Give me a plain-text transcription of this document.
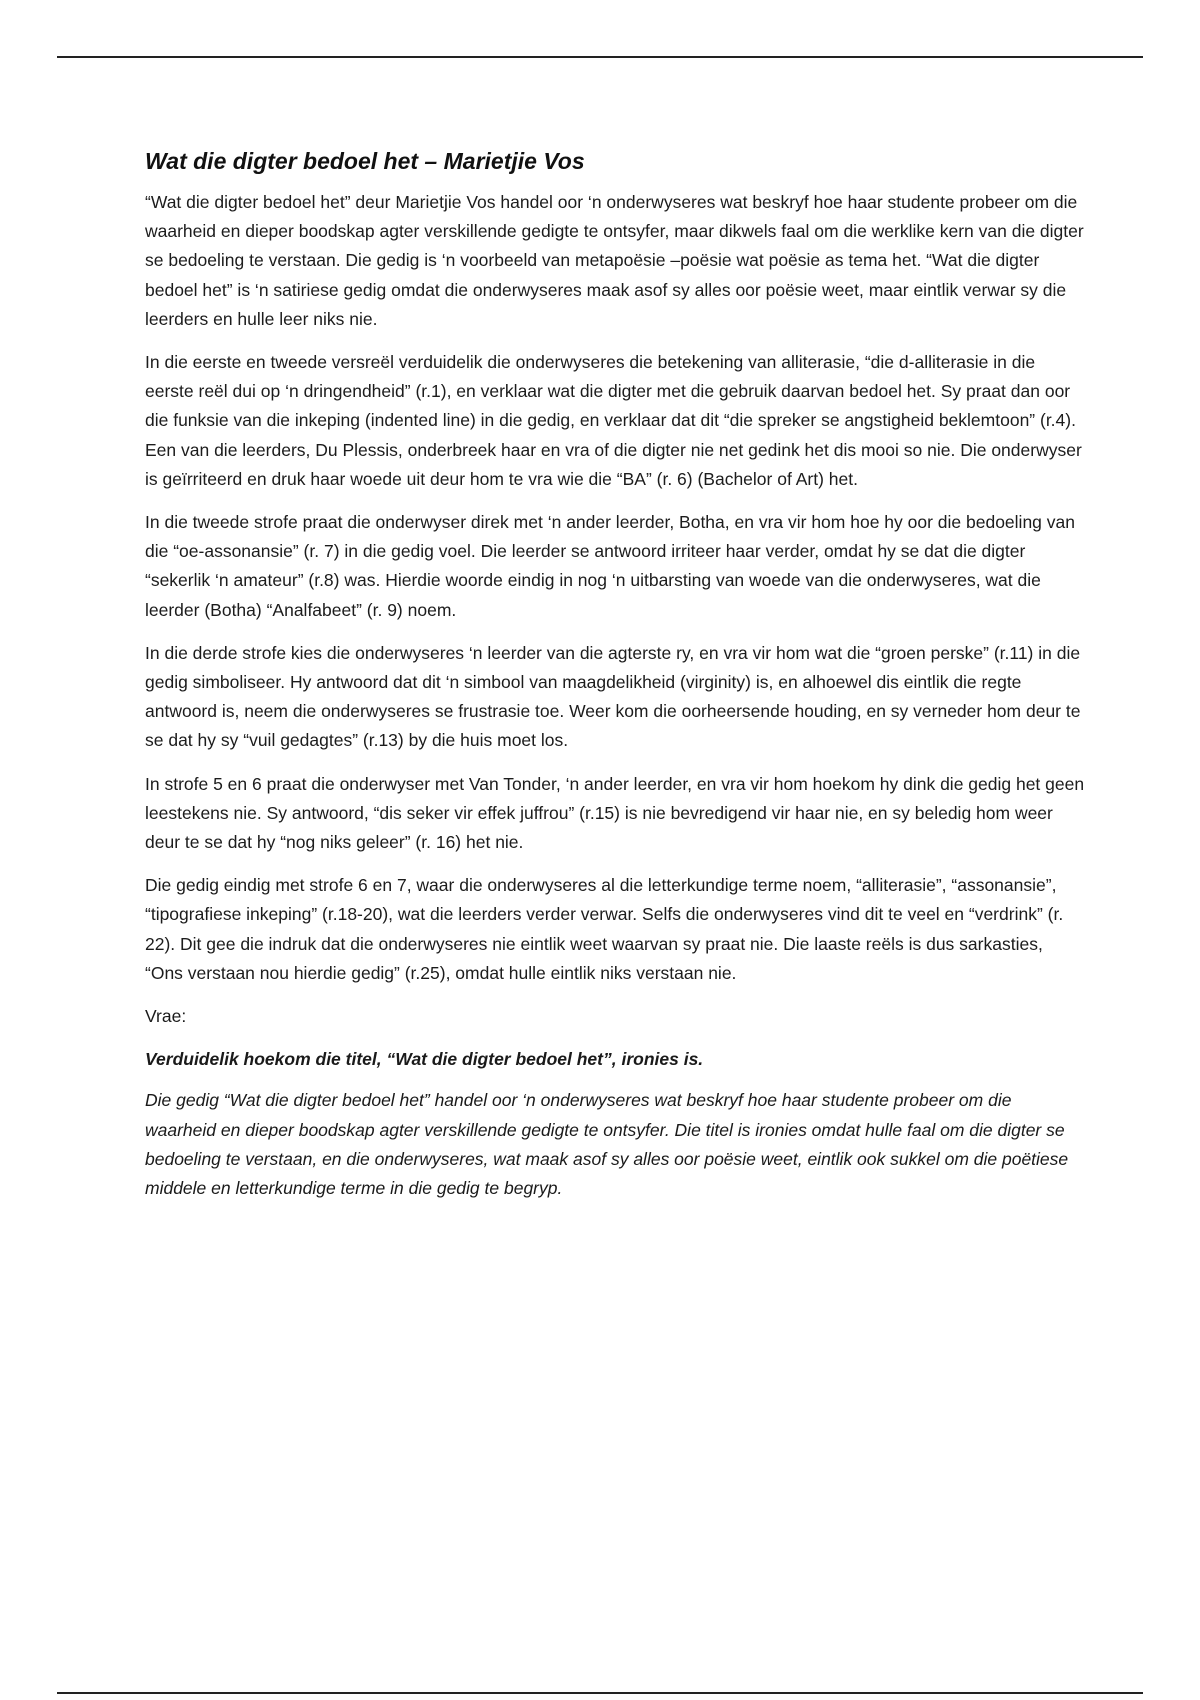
Wat die digter bedoel het – Marietjie Vos

“Wat die digter bedoel het” deur Marietjie Vos handel oor ‘n onderwyseres wat beskryf hoe haar studente probeer om die waarheid en dieper boodskap agter verskillende gedigte te ontsyfer, maar dikwels faal om die werklike kern van die digter se bedoeling te verstaan. Die gedig is ‘n voorbeeld van metapoësie –poësie wat poësie as tema het. “Wat die digter bedoel het” is ‘n satiriese gedig omdat die onderwyseres maak asof sy alles oor poësie weet, maar eintlik verwar sy die leerders en hulle leer niks nie.

In die eerste en tweede versreël verduidelik die onderwyseres die betekening van alliterasie, “die d-alliterasie in die eerste reël dui op ‘n dringendheid” (r.1), en verklaar wat die digter met die gebruik daarvan bedoel het. Sy praat dan oor die funksie van die inkeping (indented line) in die gedig, en verklaar dat dit “die spreker se angstigheid beklemtoon” (r.4). Een van die leerders, Du Plessis, onderbreek haar en vra of die digter nie net gedink het dis mooi so nie. Die onderwyser is geïrriteerd en druk haar woede uit deur hom te vra wie die “BA” (r. 6) (Bachelor of Art) het.

In die tweede strofe praat die onderwyser direk met ‘n ander leerder, Botha, en vra vir hom hoe hy oor die bedoeling van die “oe-assonansie” (r. 7) in die gedig voel. Die leerder se antwoord irriteer haar verder, omdat hy se dat die digter “sekerlik ‘n amateur” (r.8) was. Hierdie woorde eindig in nog ‘n uitbarsting van woede van die onderwyseres, wat die leerder (Botha) “Analfabeet” (r. 9) noem.

In die derde strofe kies die onderwyseres ‘n leerder van die agterste ry, en vra vir hom wat die “groen perske” (r.11) in die gedig simboliseer. Hy antwoord dat dit ‘n simbool van maagdelikheid (virginity) is, en alhoewel dis eintlik die regte antwoord is, neem die onderwyseres se frustrasie toe. Weer kom die oorheersende houding, en sy verneder hom deur te se dat hy sy “vuil gedagtes” (r.13) by die huis moet los.

In strofe 5 en 6 praat die onderwyser met Van Tonder, ‘n ander leerder, en vra vir hom hoekom hy dink die gedig het geen leestekens nie. Sy antwoord, “dis seker vir effek juffrou” (r.15) is nie bevredigend vir haar nie, en sy beledig hom weer deur te se dat hy “nog niks geleer” (r. 16) het nie.

Die gedig eindig met strofe 6 en 7, waar die onderwyseres al die letterkundige terme noem, “alliterasie”, “assonansie”, “tipografiese inkeping” (r.18-20), wat die leerders verder verwar. Selfs die onderwyseres vind dit te veel en “verdrink” (r. 22). Dit gee die indruk dat die onderwyseres nie eintlik weet waarvan sy praat nie. Die laaste reëls is dus sarkasties, “Ons verstaan nou hierdie gedig” (r.25), omdat hulle eintlik niks verstaan nie.

Vrae:

Verduidelik hoekom die titel, “Wat die digter bedoel het”, ironies is.

Die gedig “Wat die digter bedoel het” handel oor ‘n onderwyseres wat beskryf hoe haar studente probeer om die waarheid en dieper boodskap agter verskillende gedigte te ontsyfer. Die titel is ironies omdat hulle faal om die digter se bedoeling te verstaan, en die onderwyseres, wat maak asof sy alles oor poësie weet, eintlik ook sukkel om die poëtiese middele en letterkundige terme in die gedig te begryp.
